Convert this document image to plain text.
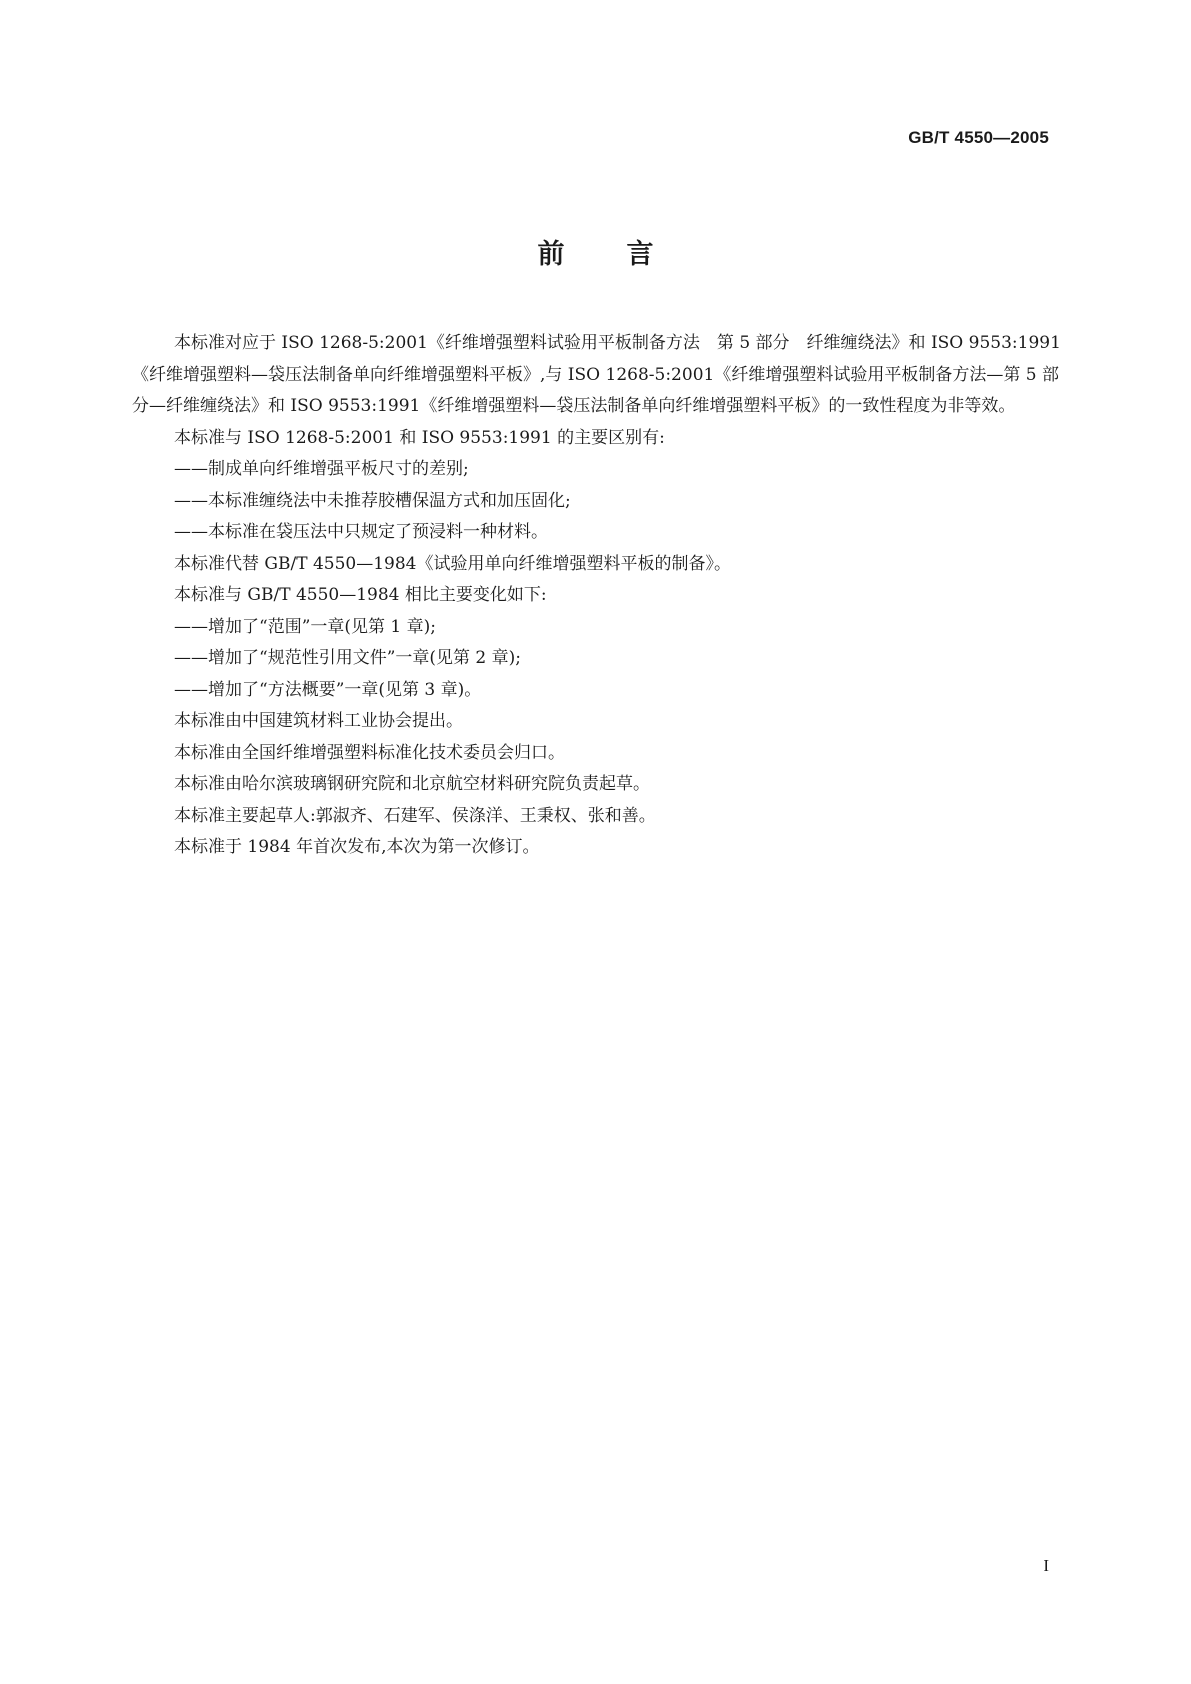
GB/T 4550—2005
前 言

本标准对应于 ISO 1268-5:2001《纤维增强塑料试验用平板制备方法　第 5 部分　纤维缠绕法》和 ISO 9553:1991《纤维增强塑料—袋压法制备单向纤维增强塑料平板》,与 ISO 1268-5:2001《纤维增强塑料试验用平板制备方法—第 5 部分—纤维缠绕法》和 ISO 9553:1991《纤维增强塑料—袋压法制备单向纤维增强塑料平板》的一致性程度为非等效。

本标准与 ISO 1268-5:2001 和 ISO 9553:1991 的主要区别有:

——制成单向纤维增强平板尺寸的差别;

——本标准缠绕法中未推荐胶槽保温方式和加压固化;

——本标准在袋压法中只规定了预浸料一种材料。

本标准代替 GB/T 4550—1984《试验用单向纤维增强塑料平板的制备》。

本标准与 GB/T 4550—1984 相比主要变化如下:

——增加了“范围”一章(见第 1 章);

——增加了“规范性引用文件”一章(见第 2 章);

——增加了“方法概要”一章(见第 3 章)。

本标准由中国建筑材料工业协会提出。

本标准由全国纤维增强塑料标准化技术委员会归口。

本标准由哈尔滨玻璃钢研究院和北京航空材料研究院负责起草。

本标准主要起草人:郭淑齐、石建军、侯涤洋、王秉权、张和善。

本标准于 1984 年首次发布,本次为第一次修订。

I
